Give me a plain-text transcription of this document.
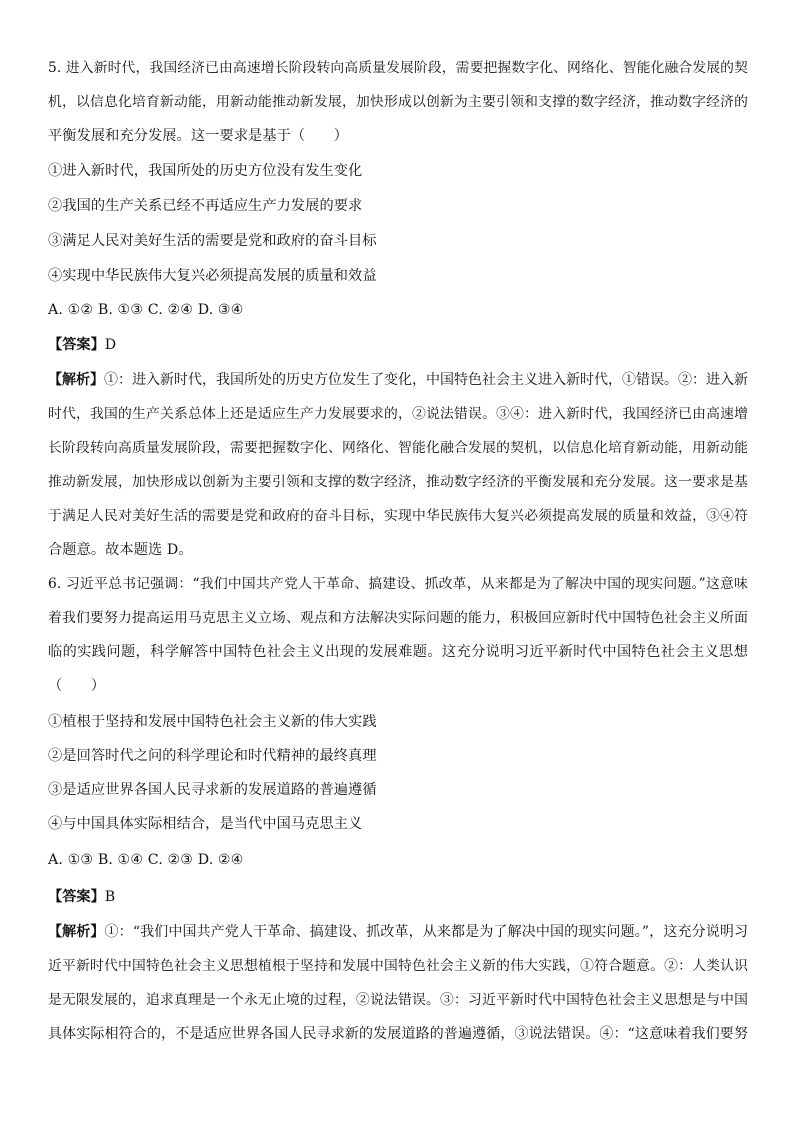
5. 进入新时代，我国经济已由高速增长阶段转向高质量发展阶段，需要把握数字化、网络化、智能化融合发展的契
机，以信息化培育新动能，用新动能推动新发展，加快形成以创新为主要引领和支撑的数字经济，推动数字经济的
平衡发展和充分发展。这一要求是基于（　　）
①进入新时代，我国所处的历史方位没有发生变化
②我国的生产关系已经不再适应生产力发展的要求
③满足人民对美好生活的需要是党和政府的奋斗目标
④实现中华民族伟大复兴必须提高发展的质量和效益
A. ①② B. ①③ C. ②④ D. ③④
【答案】D
【解析】①：进入新时代，我国所处的历史方位发生了变化，中国特色社会主义进入新时代，①错误。②：进入新
时代，我国的生产关系总体上还是适应生产力发展要求的，②说法错误。③④：进入新时代，我国经济已由高速增
长阶段转向高质量发展阶段，需要把握数字化、网络化、智能化融合发展的契机，以信息化培育新动能，用新动能
推动新发展，加快形成以创新为主要引领和支撑的数字经济，推动数字经济的平衡发展和充分发展。这一要求是基
于满足人民对美好生活的需要是党和政府的奋斗目标，实现中华民族伟大复兴必须提高发展的质量和效益，③④符
合题意。故本题选 D。
6. 习近平总书记强调：“我们中国共产党人干革命、搞建设、抓改革，从来都是为了解决中国的现实问题。”这意味
着我们要努力提高运用马克思主义立场、观点和方法解决实际问题的能力，积极回应新时代中国特色社会主义所面
临的实践问题，科学解答中国特色社会主义出现的发展难题。这充分说明习近平新时代中国特色社会主义思想
（　　）
①植根于坚持和发展中国特色社会主义新的伟大实践
②是回答时代之问的科学理论和时代精神的最终真理
③是适应世界各国人民寻求新的发展道路的普遍遵循
④与中国具体实际相结合，是当代中国马克思主义
A. ①③ B. ①④ C. ②③ D. ②④
【答案】B
【解析】①：“我们中国共产党人干革命、搞建设、抓改革，从来都是为了解决中国的现实问题。”，这充分说明习
近平新时代中国特色社会主义思想植根于坚持和发展中国特色社会主义新的伟大实践，①符合题意。②：人类认识
是无限发展的，追求真理是一个永无止境的过程，②说法错误。③：习近平新时代中国特色社会主义思想是与中国
具体实际相符合的，不是适应世界各国人民寻求新的发展道路的普遍遵循，③说法错误。④：“这意味着我们要努
